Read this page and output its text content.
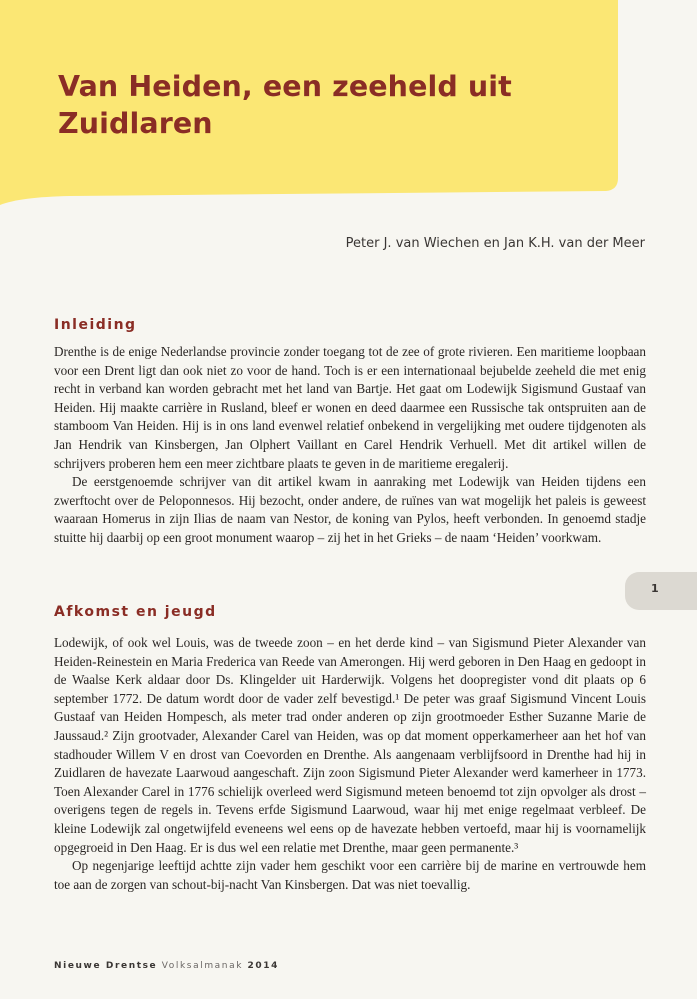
Van Heiden, een zeeheld uit Zuidlaren
Peter J. van Wiechen en Jan K.H. van der Meer
Inleiding

Drenthe is de enige Nederlandse provincie zonder toegang tot de zee of grote rivieren. Een maritieme loopbaan voor een Drent ligt dan ook niet zo voor de hand. Toch is er een internationaal bejubelde zeeheld die met enig recht in verband kan worden gebracht met het land van Bartje. Het gaat om Lodewijk Sigismund Gustaaf van Heiden. Hij maakte carrière in Rusland, bleef er wonen en deed daarmee een Russische tak ontspruiten aan de stamboom Van Heiden. Hij is in ons land evenwel relatief onbekend in vergelijking met oudere tijdgenoten als Jan Hendrik van Kinsbergen, Jan Olphert Vaillant en Carel Hendrik Verhuell. Met dit artikel willen de schrijvers proberen hem een meer zichtbare plaats te geven in de maritieme eregalerij.

De eerstgenoemde schrijver van dit artikel kwam in aanraking met Lodewijk van Heiden tijdens een zwerftocht over de Peloponnesos. Hij bezocht, onder andere, de ruïnes van wat mogelijk het paleis is geweest waaraan Homerus in zijn Ilias de naam van Nestor, de koning van Pylos, heeft verbonden. In genoemd stadje stuitte hij daarbij op een groot monument waarop – zij het in het Grieks – de naam ‘Heiden’ voorkwam.

Afkomst en jeugd

Lodewijk, of ook wel Louis, was de tweede zoon – en het derde kind – van Sigismund Pieter Alexander van Heiden-Reinestein en Maria Frederica van Reede van Amerongen. Hij werd geboren in Den Haag en gedoopt in de Waalse Kerk aldaar door Ds. Klingelder uit Harderwijk. Volgens het doopregister vond dit plaats op 6 september 1772. De datum wordt door de vader zelf bevestigd.¹ De peter was graaf Sigismund Vincent Louis Gustaaf van Heiden Hompesch, als meter trad onder anderen op zijn grootmoeder Esther Suzanne Marie de Jaussaud.² Zijn grootvader, Alexander Carel van Heiden, was op dat moment opperkamerheer aan het hof van stadhouder Willem V en drost van Coevorden en Drenthe. Als aangenaam verblijfsoord in Drenthe had hij in Zuidlaren de havezate Laarwoud aangeschaft. Zijn zoon Sigismund Pieter Alexander werd kamerheer in 1773. Toen Alexander Carel in 1776 schielijk overleed werd Sigismund meteen benoemd tot zijn opvolger als drost – overigens tegen de regels in. Tevens erfde Sigismund Laarwoud, waar hij met enige regelmaat verbleef. De kleine Lodewijk zal ongetwijfeld eveneens wel eens op de havezate hebben vertoefd, maar hij is voornamelijk opgegroeid in Den Haag. Er is dus wel een relatie met Drenthe, maar geen permanente.³

Op negenjarige leeftijd achtte zijn vader hem geschikt voor een carrière bij de marine en vertrouwde hem toe aan de zorgen van schout-bij-nacht Van Kinsbergen. Dat was niet toevallig.

1
Nieuwe Drentse Volksalmanak 2014
